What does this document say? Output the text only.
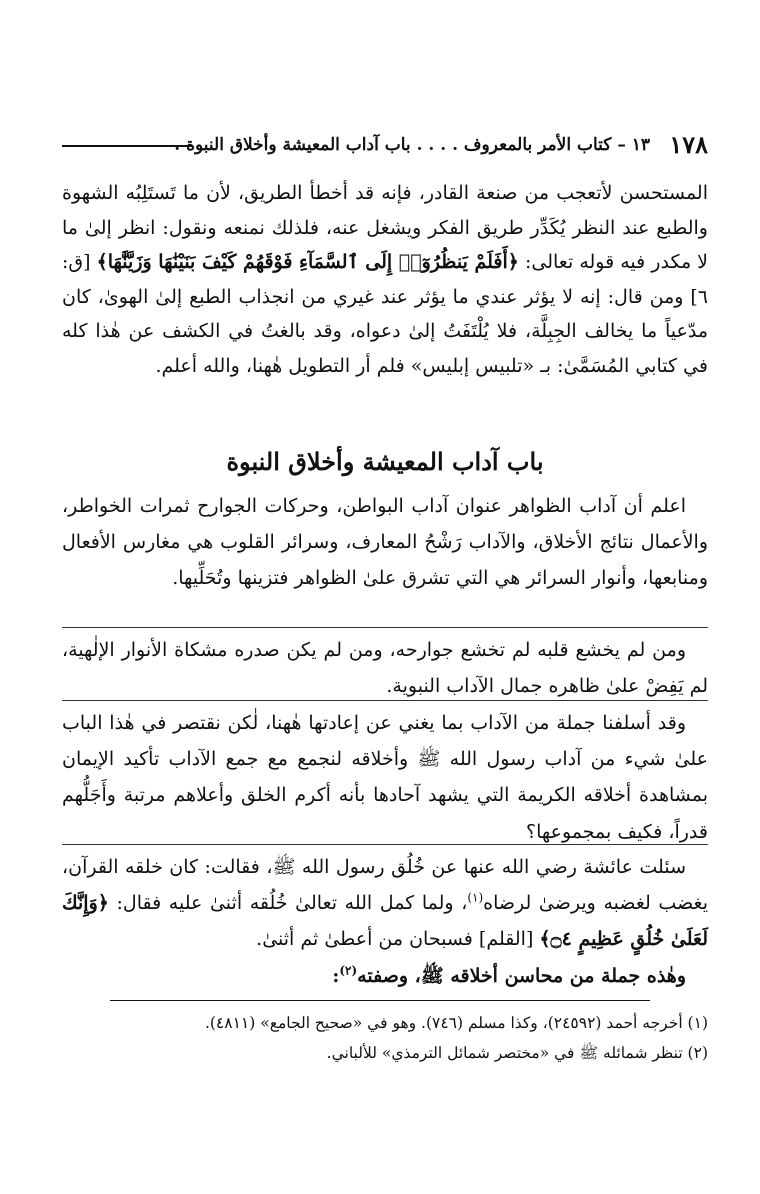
١٧٨
١٣ – كتاب الأمر بالمعروف . . . . باب آداب المعيشة وأخلاق النبوة .

المستحسن لأتعجب من صنعة القادر، فإنه قد أخطأ الطريق، لأن ما تَستَلِبُه الشهوة والطبع عند النظر يُكَدِّر طريق الفكر ويشغل عنه، فلذلك نمنعه ونقول: انظر إلىٰ ما لا مكدر فيه قوله تعالى: ﴿أَفَلَمْ يَنظُرُوٓا۟ إِلَى ٱلسَّمَآءِ فَوْقَهُمْ كَيْفَ بَنَيْنَٰهَا وَزَيَّنَّٰهَا﴾ [ق: ٦] ومن قال: إنه لا يؤثر عندي ما يؤثر عند غيري من انجذاب الطبع إلىٰ الهوىٰ، كان مدّعياً ما يخالف الجِبِلَّة، فلا يُلْتَفَتُ إلىٰ دعواه، وقد بالغتُ في الكشف عن هٰذا كله في كتابي المُسَمَّىٰ: بـ «تلبيس إبليس» فلم أر التطويل هٰهنا، والله أعلم.

باب آداب المعيشة وأخلاق النبوة

اعلم أن آداب الظواهر عنوان آداب البواطن، وحركات الجوارح ثمرات الخواطر، والأعمال نتائج الأخلاق، والآداب رَشْحُ المعارف، وسرائر القلوب هي مغارس الأفعال ومنابعها، وأنوار السرائر هي التي تشرق علىٰ الظواهر فتزينها وتُحَلِّيها.

ومن لم يخشع قلبه لم تخشع جوارحه، ومن لم يكن صدره مشكاة الأنوار الإلٰهية، لم يَفِضْ علىٰ ظاهره جمال الآداب النبوية.

وقد أسلفنا جملة من الآداب بما يغني عن إعادتها هٰهنا، لٰكن نقتصر في هٰذا الباب علىٰ شيء من آداب رسول الله ﷺ وأخلاقه لنجمع مع جمع الآداب تأكيد الإيمان بمشاهدة أخلاقه الكريمة التي يشهد آحادها بأنه أكرم الخلق وأعلاهم مرتبة وأَجَلُّهم قدراً، فكيف بمجموعها؟

سئلت عائشة رضي الله عنها عن خُلُق رسول الله ﷺ، فقالت: كان خلقه القرآن، يغضب لغضبه ويرضىٰ لرضاه$^{(١)}$، ولما كمل الله تعالىٰ خُلُقه أثنىٰ عليه فقال: ﴿وَإِنَّكَ لَعَلَىٰ خُلُقٍ عَظِيمٍ ۝٤﴾ [القلم] فسبحان من أعطىٰ ثم أثنىٰ.

وهٰذه جملة من محاسن أخلاقه ﷺ، وصفته$^{(٢)}$:

(١) أخرجه أحمد (٢٤٥٩٢)، وكذا مسلم (٧٤٦). وهو في «صحيح الجامع» (٤٨١١).

(٢) تنظر شمائله ﷺ في «مختصر شمائل الترمذي» للألباني.
